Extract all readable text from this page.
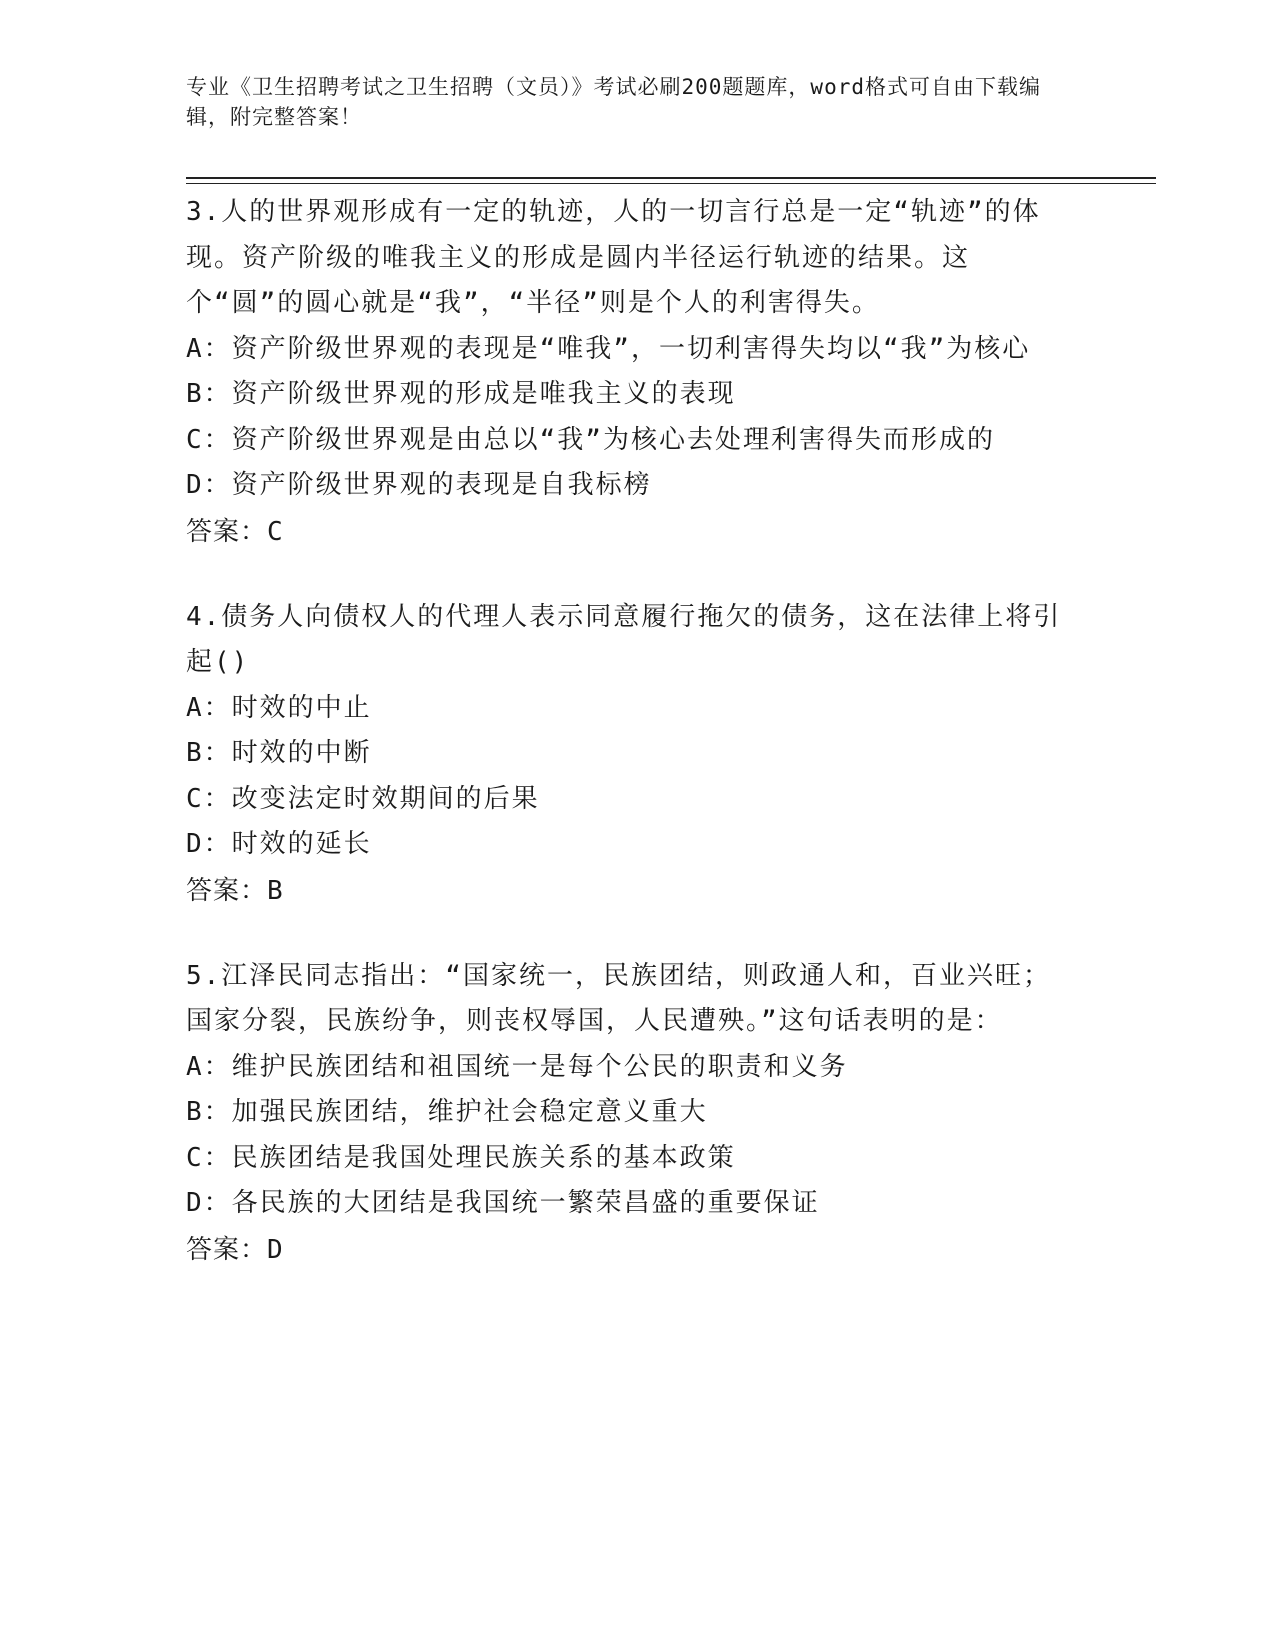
专业《卫生招聘考试之卫生招聘（文员）》考试必刷200题题库，word格式可自由下载编辑，附完整答案！
3.人的世界观形成有一定的轨迹，人的一切言行总是一定“轨迹”的体现。资产阶级的唯我主义的形成是圆内半径运行轨迹的结果。这个“圆”的圆心就是“我”，“半径”则是个人的利害得失。
A：资产阶级世界观的表现是“唯我”，一切利害得失均以“我”为核心
B：资产阶级世界观的形成是唯我主义的表现
C：资产阶级世界观是由总以“我”为核心去处理利害得失而形成的
D：资产阶级世界观的表现是自我标榜
答案：C
4.债务人向债权人的代理人表示同意履行拖欠的债务，这在法律上将引起()
A：时效的中止
B：时效的中断
C：改变法定时效期间的后果
D：时效的延长
答案：B
5.江泽民同志指出：“国家统一，民族团结，则政通人和，百业兴旺；国家分裂，民族纷争，则丧权辱国，人民遭殃。”这句话表明的是：
A：维护民族团结和祖国统一是每个公民的职责和义务
B：加强民族团结，维护社会稳定意义重大
C：民族团结是我国处理民族关系的基本政策
D：各民族的大团结是我国统一繁荣昌盛的重要保证
答案：D
